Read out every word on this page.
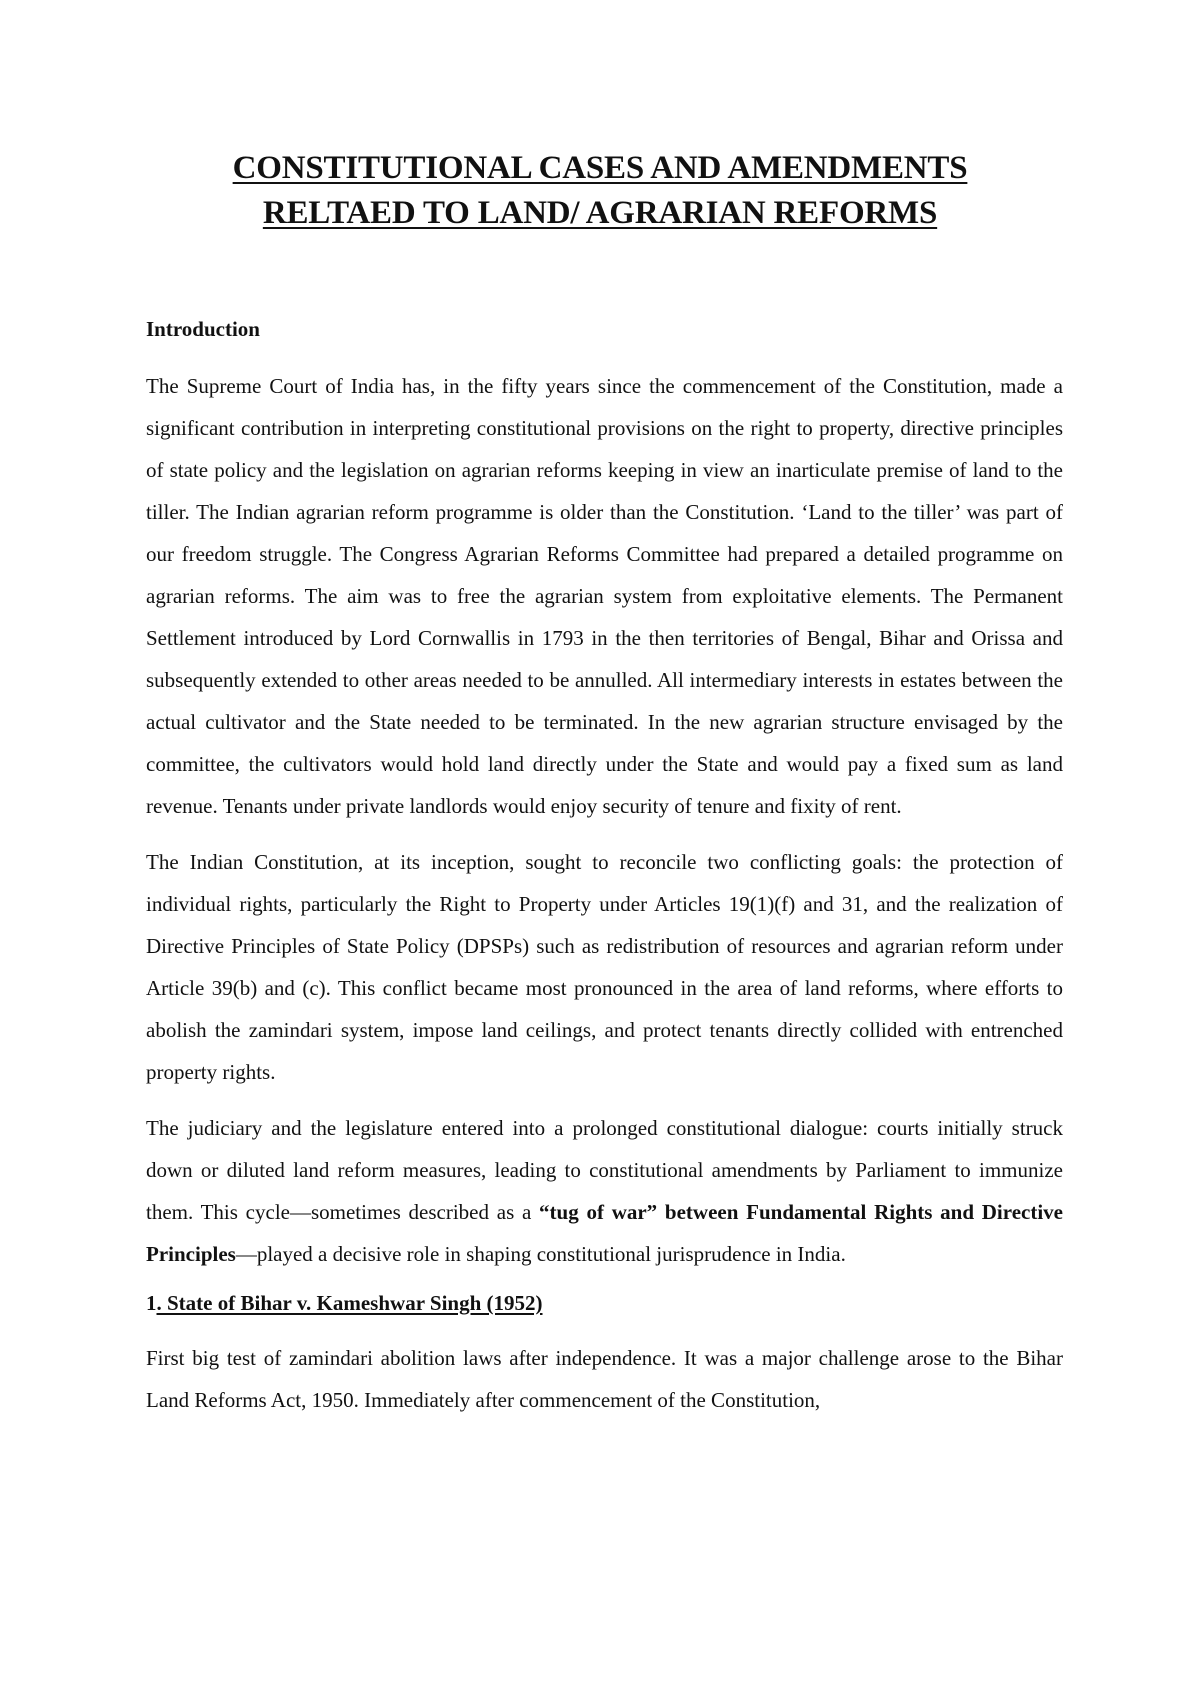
CONSTITUTIONAL CASES AND AMENDMENTS
RELTAED TO LAND/ AGRARIAN REFORMS
Introduction

The Supreme Court of India has, in the fifty years since the commencement of the Constitution, made a significant contribution in interpreting constitutional provisions on the right to property, directive principles of state policy and the legislation on agrarian reforms keeping in view an inarticulate premise of land to the tiller. The Indian agrarian reform programme is older than the Constitution. ‘Land to the tiller’ was part of our freedom struggle. The Congress Agrarian Reforms Committee had prepared a detailed programme on agrarian reforms. The aim was to free the agrarian system from exploitative elements. The Permanent Settlement introduced by Lord Cornwallis in 1793 in the then territories of Bengal, Bihar and Orissa and subsequently extended to other areas needed to be annulled. All intermediary interests in estates between the actual cultivator and the State needed to be terminated. In the new agrarian structure envisaged by the committee, the cultivators would hold land directly under the State and would pay a fixed sum as land revenue. Tenants under private landlords would enjoy security of tenure and fixity of rent.

The Indian Constitution, at its inception, sought to reconcile two conflicting goals: the protection of individual rights, particularly the Right to Property under Articles 19(1)(f) and 31, and the realization of Directive Principles of State Policy (DPSPs) such as redistribution of resources and agrarian reform under Article 39(b) and (c). This conflict became most pronounced in the area of land reforms, where efforts to abolish the zamindari system, impose land ceilings, and protect tenants directly collided with entrenched property rights.

The judiciary and the legislature entered into a prolonged constitutional dialogue: courts initially struck down or diluted land reform measures, leading to constitutional amendments by Parliament to immunize them. This cycle—sometimes described as a “tug of war” between Fundamental Rights and Directive Principles—played a decisive role in shaping constitutional jurisprudence in India.

1. State of Bihar v. Kameshwar Singh (1952)

First big test of zamindari abolition laws after independence. It was a major challenge arose to the Bihar Land Reforms Act, 1950. Immediately after commencement of the Constitution,
